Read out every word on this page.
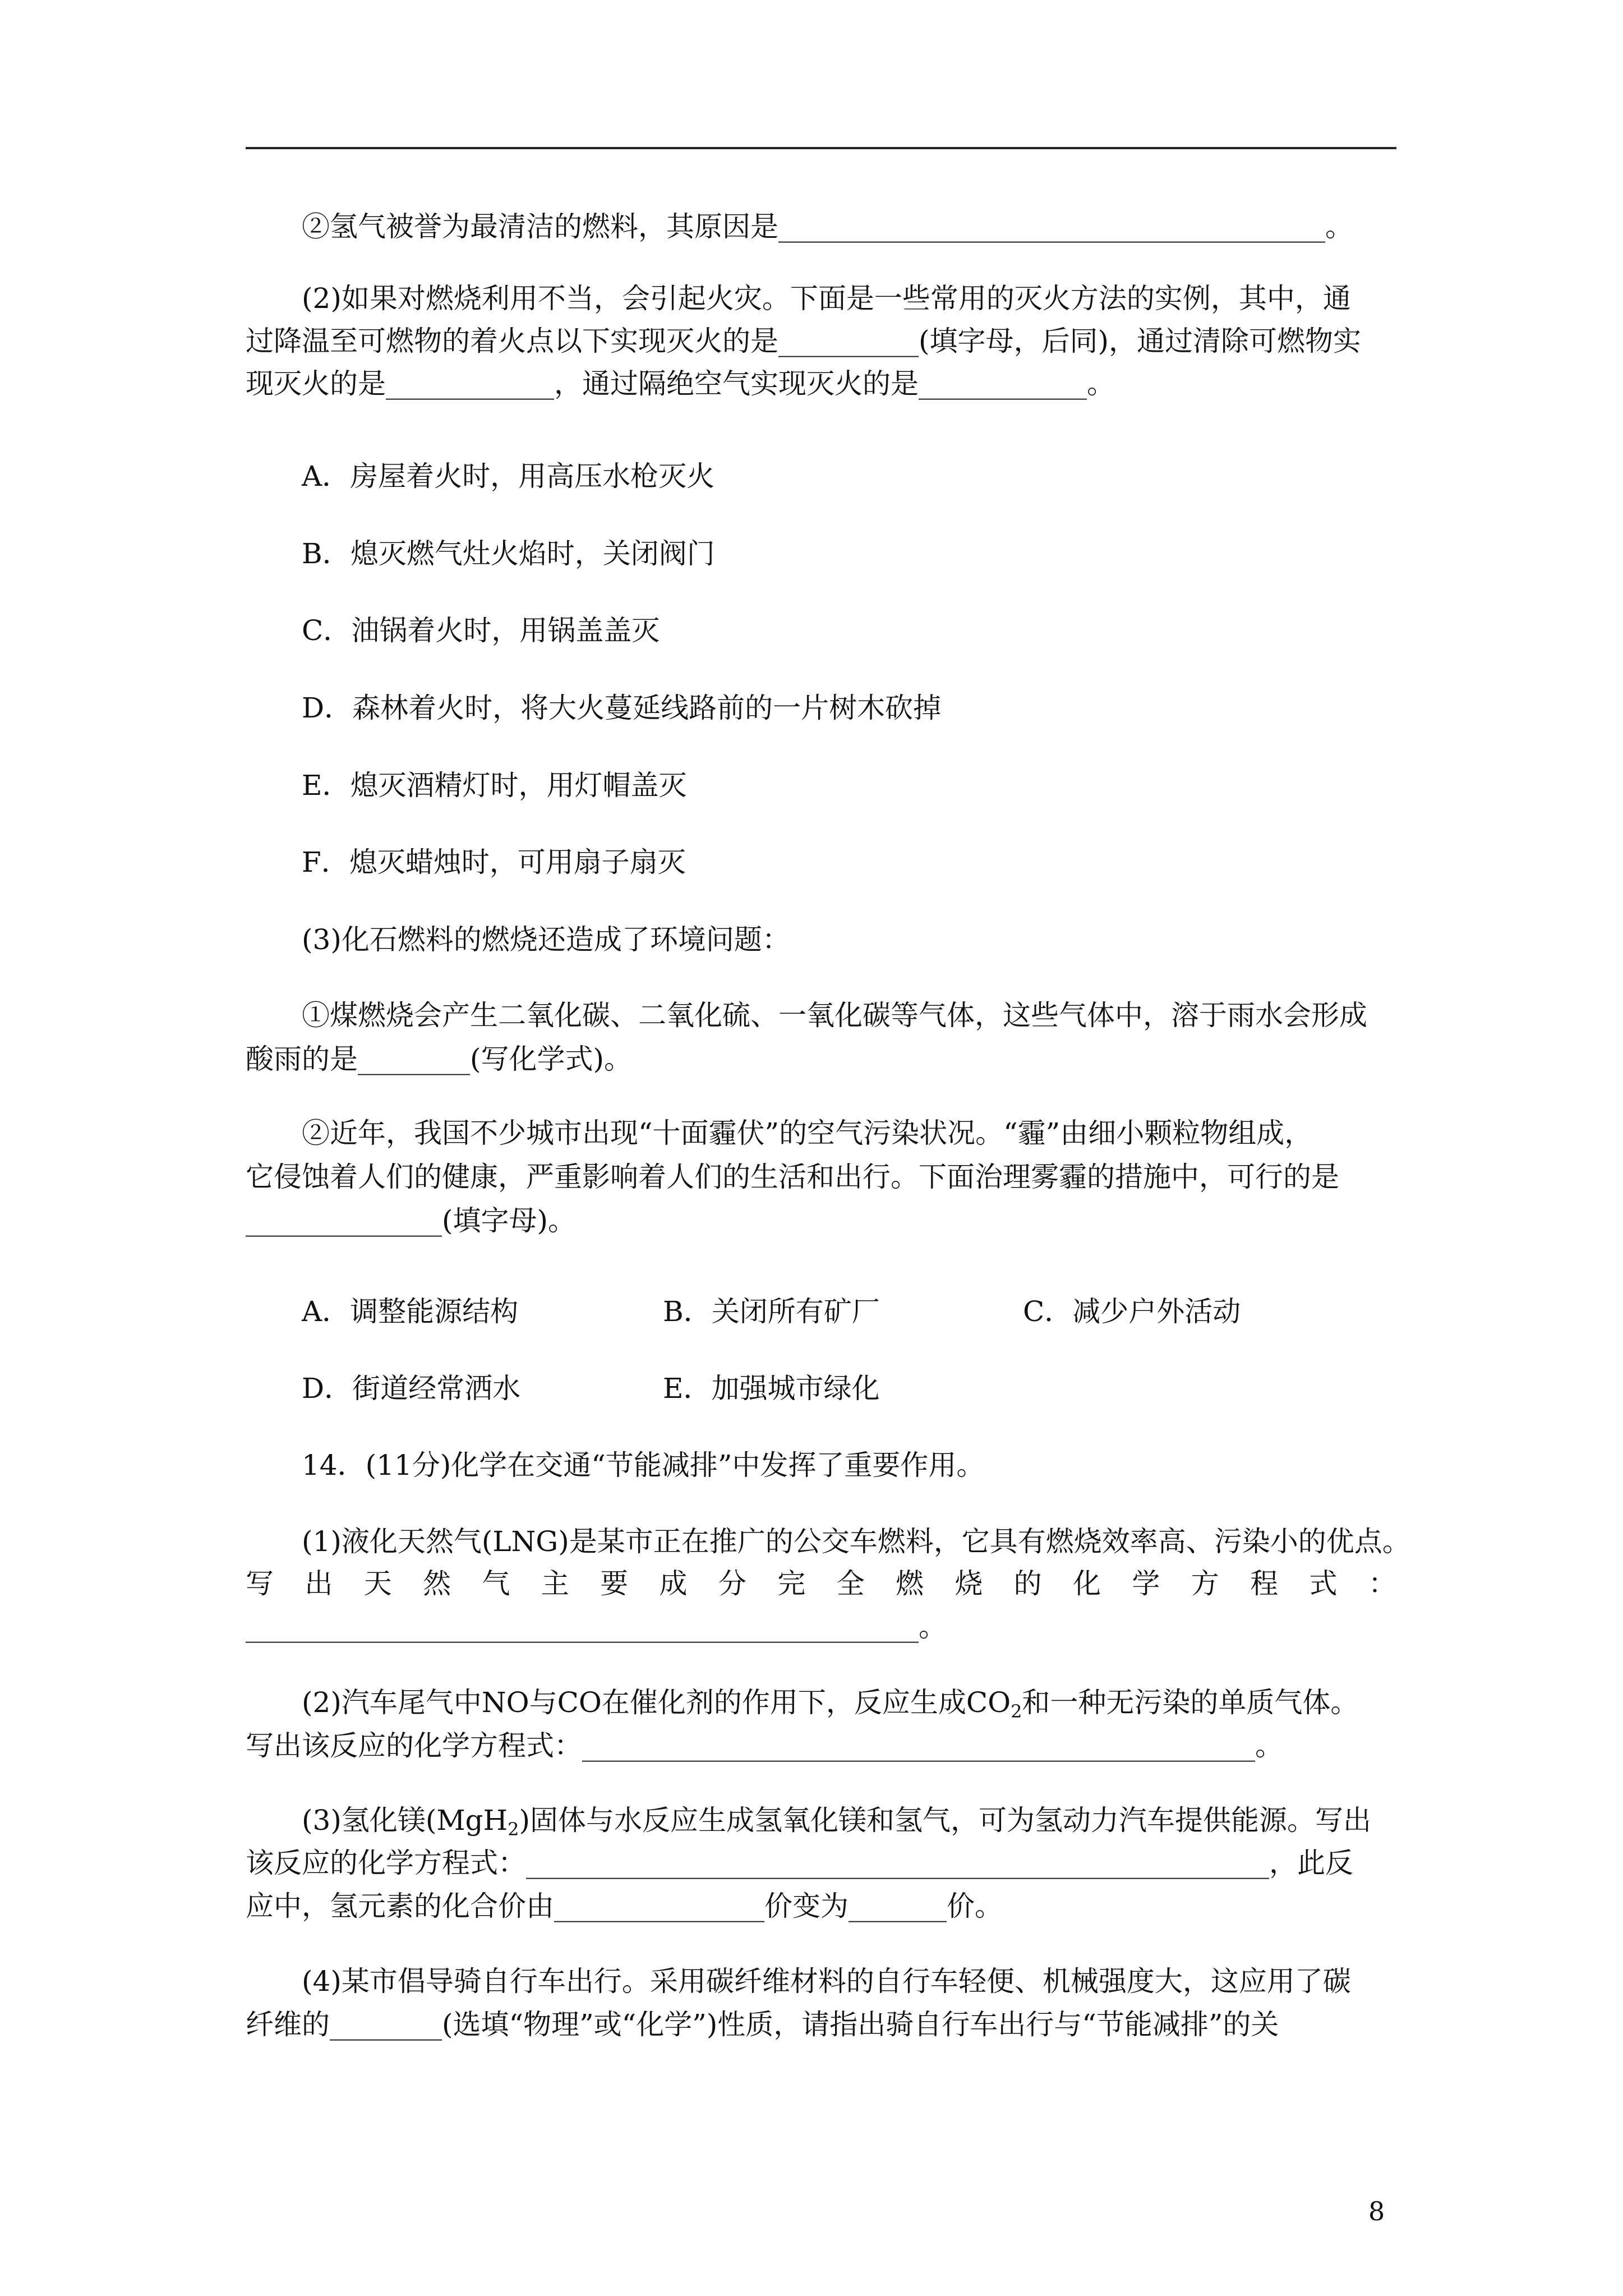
②氢气被誉为最清洁的燃料，其原因是_______________________________________。
(2)如果对燃烧利用不当，会引起火灾。下面是一些常用的灭火方法的实例，其中，通
过降温至可燃物的着火点以下实现灭火的是__________(填字母，后同)，通过清除可燃物实
现灭火的是____________，通过隔绝空气实现灭火的是____________。
A．房屋着火时，用高压水枪灭火
B．熄灭燃气灶火焰时，关闭阀门
C．油锅着火时，用锅盖盖灭
D．森林着火时，将大火蔓延线路前的一片树木砍掉
E．熄灭酒精灯时，用灯帽盖灭
F．熄灭蜡烛时，可用扇子扇灭
(3)化石燃料的燃烧还造成了环境问题：
①煤燃烧会产生二氧化碳、二氧化硫、一氧化碳等气体，这些气体中，溶于雨水会形成
酸雨的是________(写化学式)。
②近年，我国不少城市出现“十面霾伏”的空气污染状况。“霾”由细小颗粒物组成，
它侵蚀着人们的健康，严重影响着人们的生活和出行。下面治理雾霾的措施中，可行的是
______________(填字母)。
A．调整能源结构	B．关闭所有矿厂	C．减少户外活动
D．街道经常洒水	E．加强城市绿化
14．(11分)化学在交通“节能减排”中发挥了重要作用。
(1)液化天然气(LNG)是某市正在推广的公交车燃料，它具有燃烧效率高、污染小的优点。
写 出 天 然 气 主 要 成 分 完 全 燃 烧 的 化 学 方 程 式 ：
________________________________________________。
(2)汽车尾气中NO与CO在催化剂的作用下，反应生成$CO_2$和一种无污染的单质气体。
写出该反应的化学方程式：________________________________________________。
(3)氢化镁(MgH$_2$)固体与水反应生成氢氧化镁和氢气，可为氢动力汽车提供能源。写出
该反应的化学方程式：_____________________________________________________，此反
应中，氢元素的化合价由_______________价变为_______价。
(4)某市倡导骑自行车出行。采用碳纤维材料的自行车轻便、机械强度大，这应用了碳
纤维的________(选填“物理”或“化学”)性质，请指出骑自行车出行与“节能减排”的关
8
